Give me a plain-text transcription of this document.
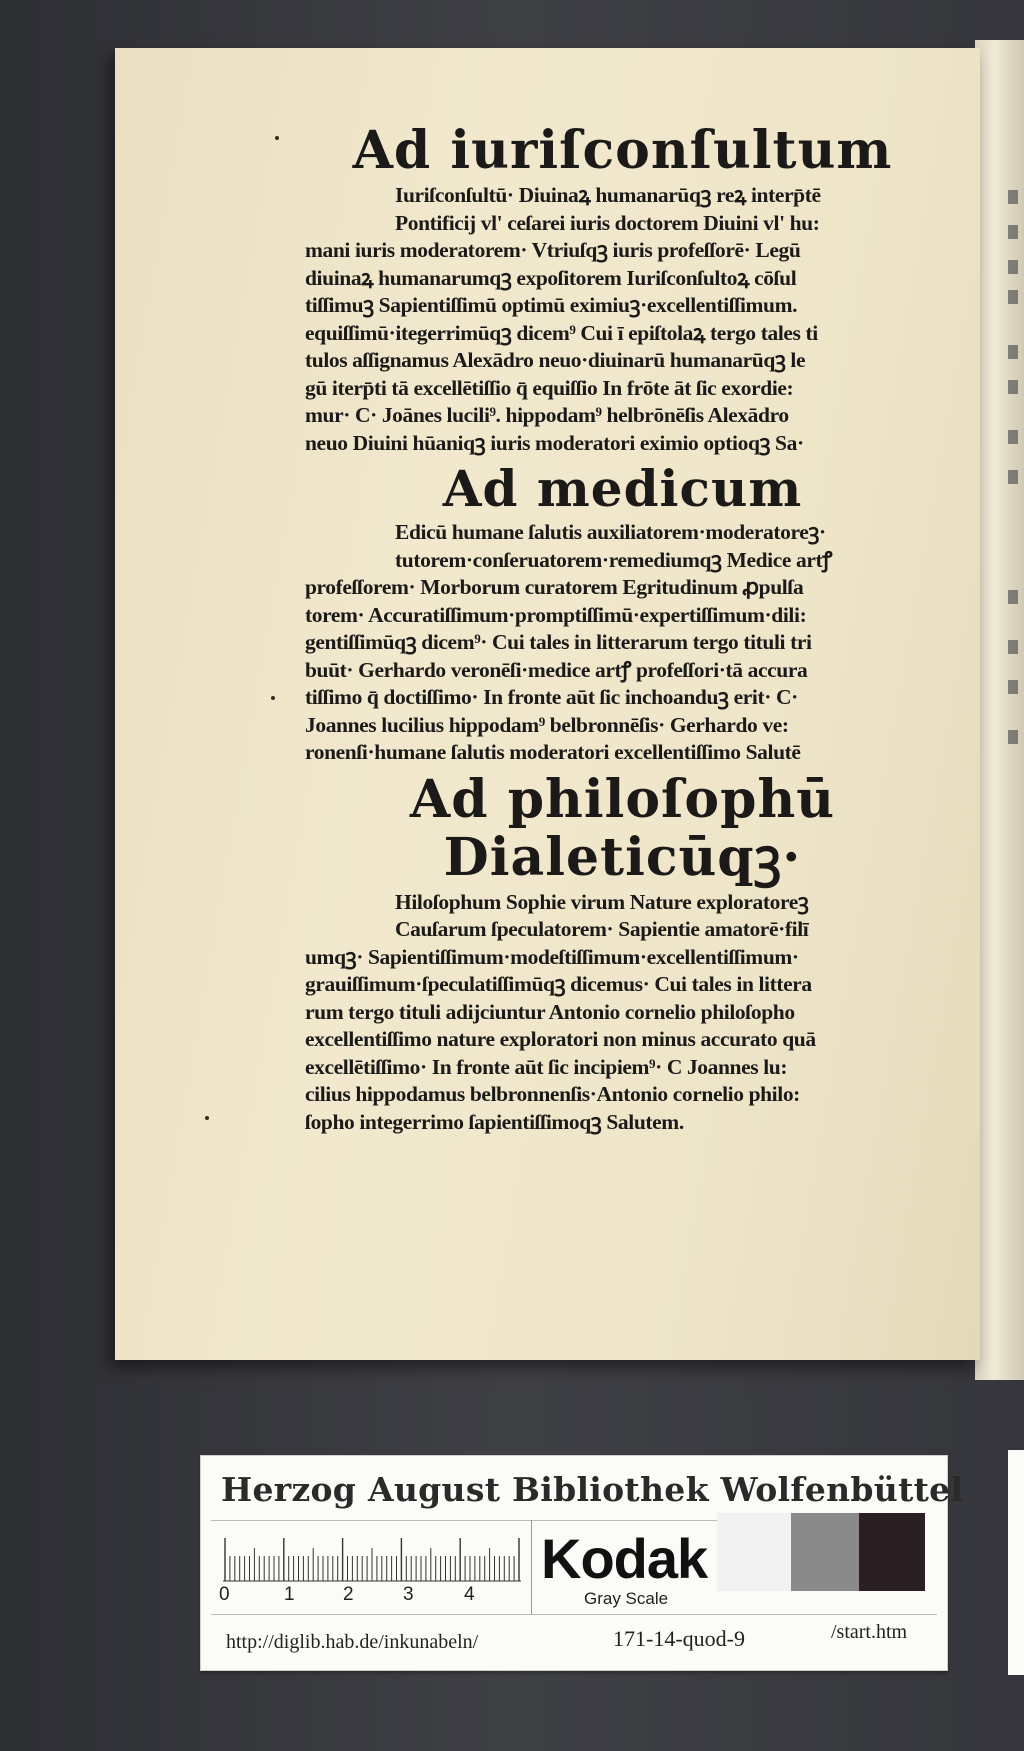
Ad iuriſconſultum
Iuriſconſultū· Diuinaꝝ humanarūqꝫ reꝝ interp̄tē
Pontificij vl' ceſarei iuris doctorem Diuini vl' hu:
mani iuris moderatorem· Vtriuſqꝫ iuris profeſſorē· Legū
diuinaꝝ humanarumqꝫ expoſitorem Iuriſconſultoꝝ cōſul
tiſſimuꝫ Sapientiſſimū optimū eximiuꝫ·excellentiſſimum.
equiſſimū·itegerrimūqꝫ dicem⁹ Cui ī epiſtolaꝝ tergo tales ti
tulos aſſignamus Alexādro neuo·diuinarū humanarūqꝫ le
gū iterp̄ti tā excellētiſſio q̄ equiſſio In frōte āt ſic exordie:
mur· C· Joānes lucili⁹. hippodam⁹ helbrōnēſis Alexādro
neuo Diuini hūaniqꝫ iuris moderatori eximio optioqꝫ Sa·
Ad medicum
Edicū humane ſalutis auxiliatorem·moderatoreꝫ·
tutorem·conſeruatorem·remediumqꝫ Medice artꝭ
profeſſorem· Morborum curatorem Egritudinum ꝓpulſa
torem· Accuratiſſimum·promptiſſimū·expertiſſimum·dili:
gentiſſimūqꝫ dicem⁹· Cui tales in litterarum tergo tituli tri
buūt· Gerhardo veronēſi·medice artꝭ profeſſori·tā accura
tiſſimo q̄ doctiſſimo· In fronte aūt ſic inchoanduꝫ erit· C·
Joannes lucilius hippodam⁹ belbronnēſis· Gerhardo ve:
ronenſi·humane ſalutis moderatori excellentiſſimo Salutē
Ad philoſophū Dialeticūqꝫ·
Hiloſophum Sophie virum Nature exploratoreꝫ
Cauſarum ſpeculatorem· Sapientie amatorē·filī
umqꝫ· Sapientiſſimum·modeſtiſſimum·excellentiſſimum·
grauiſſimum·ſpeculatiſſimūqꝫ dicemus· Cui tales in littera
rum tergo tituli adijciuntur Antonio cornelio philoſopho
excellentiſſimo nature exploratori non minus accurato quā
excellētiſſimo· In fronte aūt ſic incipiem⁹· C Joannes lu:
cilius hippodamus belbronnenſis·Antonio cornelio philo:
ſopho integerrimo ſapientiſſimoqꝫ Salutem.
Herzog August Bibliothek Wolfenbüttel
0	1	2	3	4
Kodak
Gray Scale
http://diglib.hab.de/inkunabeln/	171-14-quod-9	/start.htm
